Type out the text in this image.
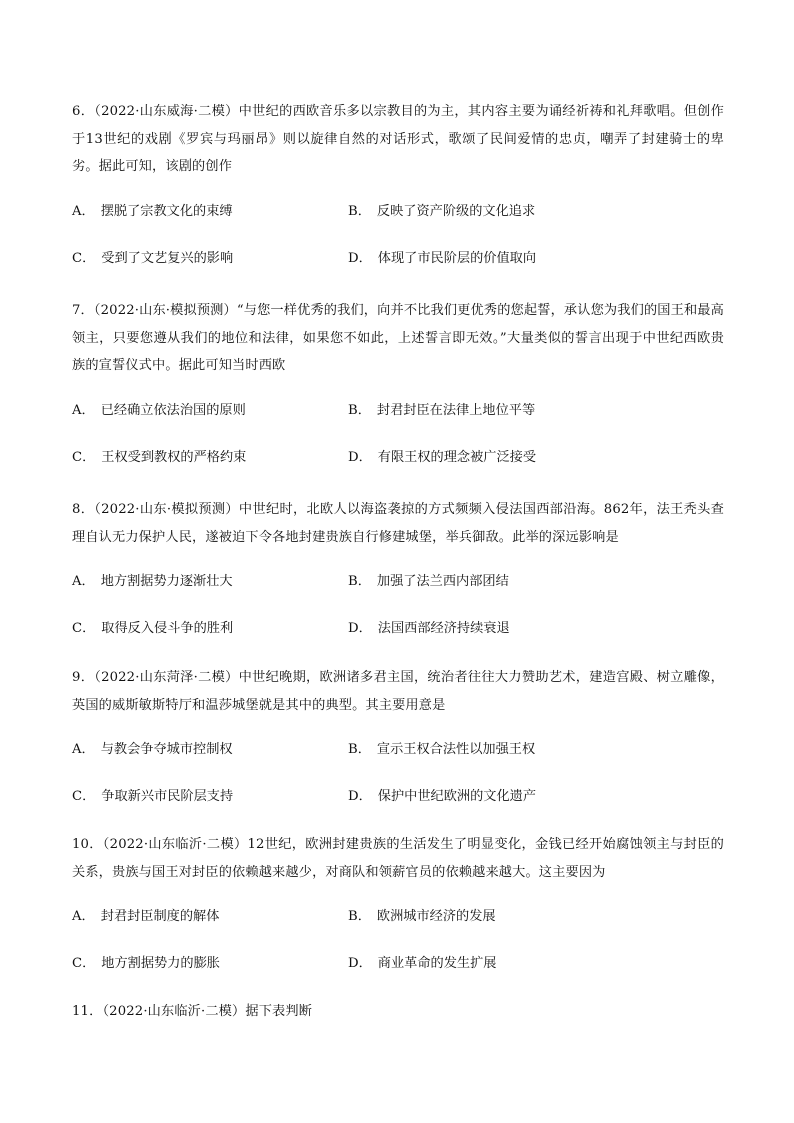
6．（2022·山东威海·二模）中世纪的西欧音乐多以宗教目的为主，其内容主要为诵经祈祷和礼拜歌唱。但创作于13世纪的戏剧《罗宾与玛丽昂》则以旋律自然的对话形式，歌颂了民间爱情的忠贞，嘲弄了封建骑士的卑劣。据此可知，该剧的创作

A． 摆脱了宗教文化的束缚	B． 反映了资产阶级的文化追求
C． 受到了文艺复兴的影响	D． 体现了市民阶层的价值取向

7．（2022·山东·模拟预测）“与您一样优秀的我们，向并不比我们更优秀的您起誓，承认您为我们的国王和最高领主，只要您遵从我们的地位和法律，如果您不如此，上述誓言即无效。”大量类似的誓言出现于中世纪西欧贵族的宣誓仪式中。据此可知当时西欧

A． 已经确立依法治国的原则	B． 封君封臣在法律上地位平等
C． 王权受到教权的严格约束	D． 有限王权的理念被广泛接受

8．（2022·山东·模拟预测）中世纪时，北欧人以海盗袭掠的方式频频入侵法国西部沿海。862年，法王秃头查理自认无力保护人民，遂被迫下令各地封建贵族自行修建城堡，举兵御敌。此举的深远影响是

A． 地方割据势力逐渐壮大	B． 加强了法兰西内部团结
C． 取得反入侵斗争的胜利	D． 法国西部经济持续衰退

9．（2022·山东菏泽·二模）中世纪晚期，欧洲诸多君主国，统治者往往大力赞助艺术，建造宫殿、树立雕像，英国的威斯敏斯特厅和温莎城堡就是其中的典型。其主要用意是

A． 与教会争夺城市控制权	B． 宣示王权合法性以加强王权
C． 争取新兴市民阶层支持	D． 保护中世纪欧洲的文化遗产

10．（2022·山东临沂·二模）12世纪，欧洲封建贵族的生活发生了明显变化，金钱已经开始腐蚀领主与封臣的关系，贵族与国王对封臣的依赖越来越少，对商队和领薪官员的依赖越来越大。这主要因为

A． 封君封臣制度的解体	B． 欧洲城市经济的发展
C． 地方割据势力的膨胀	D． 商业革命的发生扩展

11．（2022·山东临沂·二模）据下表判断
